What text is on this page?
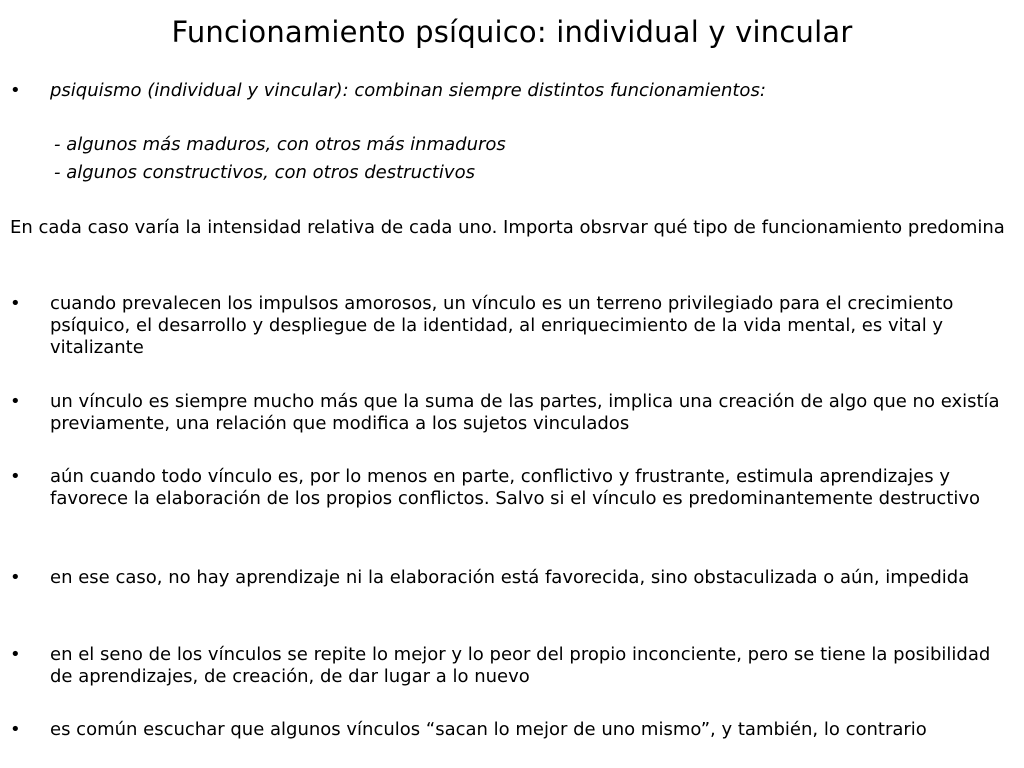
Funcionamiento psíquico: individual y vincular
•	psiquismo (individual y vincular): combinan siempre distintos funcionamientos:
- algunos más maduros, con otros más inmaduros
- algunos constructivos, con otros destructivos
En cada caso varía la intensidad relativa de cada uno. Importa obsrvar qué tipo de funcionamiento predomina
•	cuando prevalecen los impulsos amorosos, un vínculo es un terreno privilegiado para el crecimiento psíquico, el desarrollo y despliegue de la identidad, al enriquecimiento de la vida mental, es vital y vitalizante
•	un vínculo es siempre mucho más que la suma de las partes, implica una creación de algo que no existía previamente, una relación que modifica a los sujetos vinculados
•	aún cuando todo vínculo es, por lo menos en parte, conflictivo y frustrante, estimula aprendizajes y favorece la elaboración de los propios conflictos. Salvo si el vínculo es predominantemente destructivo
•	en ese caso, no hay aprendizaje ni la elaboración está favorecida, sino obstaculizada o aún, impedida
•	en el seno de los vínculos se repite lo mejor y lo peor del propio inconciente, pero se tiene la posibilidad de aprendizajes, de creación, de dar lugar a lo nuevo
•	es común escuchar que algunos vínculos “sacan lo mejor de uno mismo”, y también, lo contrario
